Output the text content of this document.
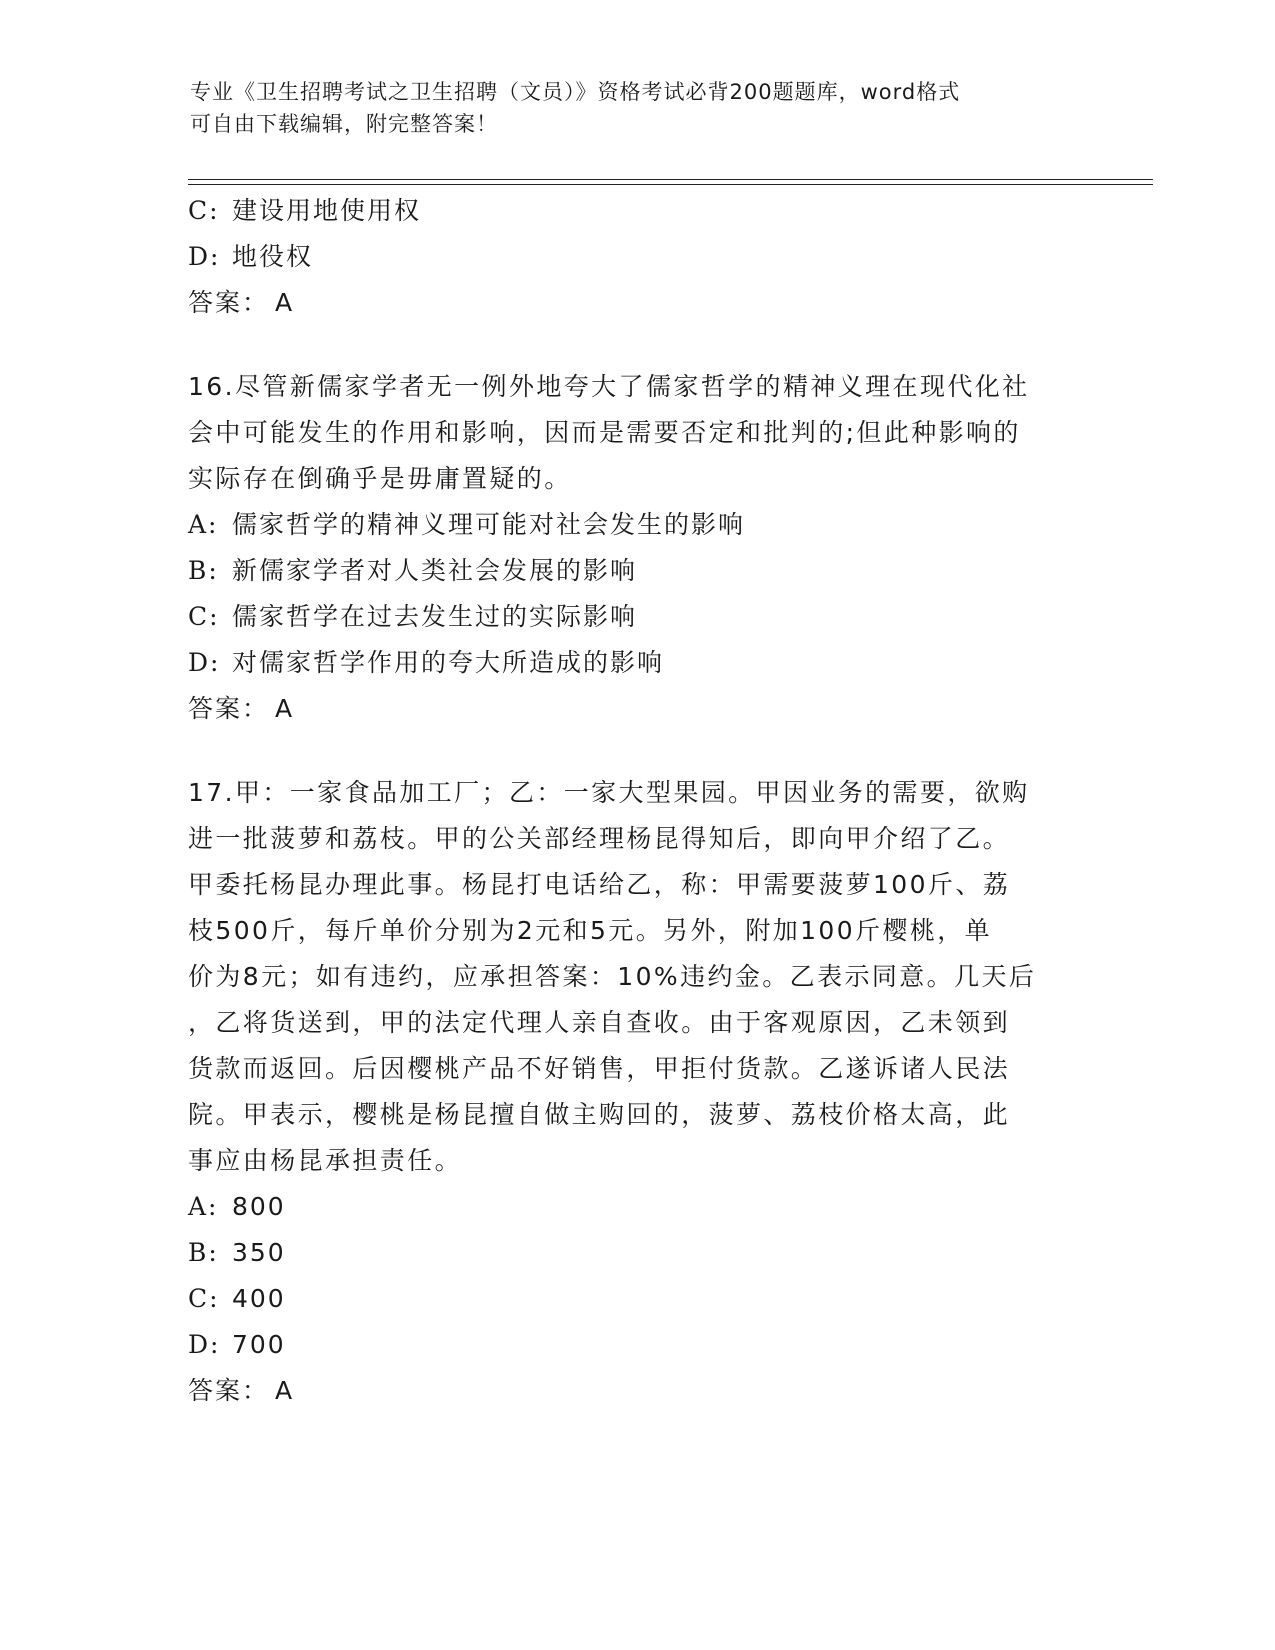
专业《卫生招聘考试之卫生招聘（文员）》资格考试必背200题题库，word格式
可自由下载编辑，附完整答案！
C: 建设用地使用权
D: 地役权
答案： A
16.尽管新儒家学者无一例外地夸大了儒家哲学的精神义理在现代化社
会中可能发生的作用和影响，因而是需要否定和批判的;但此种影响的
实际存在倒确乎是毋庸置疑的。
A: 儒家哲学的精神义理可能对社会发生的影响
B: 新儒家学者对人类社会发展的影响
C: 儒家哲学在过去发生过的实际影响
D: 对儒家哲学作用的夸大所造成的影响
答案： A
17.甲：一家食品加工厂；乙：一家大型果园。甲因业务的需要，欲购
进一批菠萝和荔枝。甲的公关部经理杨昆得知后，即向甲介绍了乙。
甲委托杨昆办理此事。杨昆打电话给乙，称：甲需要菠萝100斤、荔
枝500斤，每斤单价分别为2元和5元。另外，附加100斤樱桃，单
价为8元；如有违约，应承担答案：10%违约金。乙表示同意。几天后
，乙将货送到，甲的法定代理人亲自查收。由于客观原因，乙未领到
货款而返回。后因樱桃产品不好销售，甲拒付货款。乙遂诉诸人民法
院。甲表示，樱桃是杨昆擅自做主购回的，菠萝、荔枝价格太高，此
事应由杨昆承担责任。
A: 800
B: 350
C: 400
D: 700
答案： A
